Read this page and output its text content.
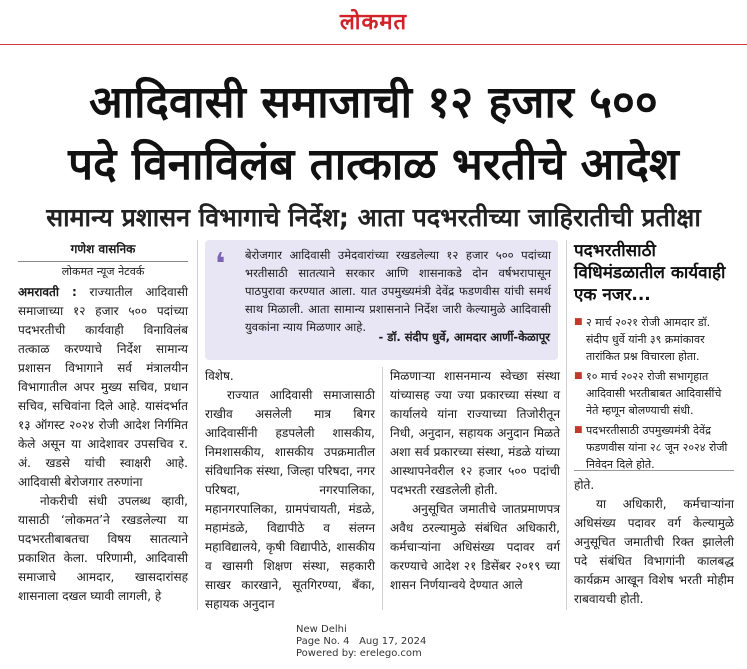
लोकमत
आदिवासी समाजाची १२ हजार ५००
पदे विनाविलंब तात्काळ भरतीचे आदेश
सामान्य प्रशासन विभागाचे निर्देश; आता पदभरतीच्या जाहिरातीची प्रतीक्षा
गणेश वासनिक
लोकमत न्यूज नेटवर्क

अमरावती : राज्यातील आदिवासी समाजाच्या १२ हजार ५०० पदांच्या पदभरतीची कार्यवाही विनाविलंब तत्काळ करण्याचे निर्देश सामान्य प्रशासन विभागाने सर्व मंत्रालयीन विभागातील अपर मुख्य सचिव, प्रधान सचिव, सचिवांना दिले आहे. यासंदर्भात १३ ऑगस्ट २०२४ रोजी आदेश निर्गमित केले असून या आदेशावर उपसचिव र. अं. खडसे यांची स्वाक्षरी आहे. आदिवासी बेरोजगार तरुणांना

नोकरीची संधी उपलब्ध व्हावी, यासाठी ‘लोकमत’ने रखडलेल्या या पदभरतीबाबतचा विषय सातत्याने प्रकाशित केला. परिणामी, आदिवासी समाजाचे आमदार, खासदारांसह शासनाला दखल घ्यावी लागली, हे

❛	बेरोजगार आदिवासी उमेदवारांच्या रखडलेल्या १२ हजार ५०० पदांच्या भरतीसाठी सातत्याने सरकार आणि शासनाकडे दोन वर्षभरापासून पाठपुरावा करण्यात आला. यात उपमुख्यमंत्री देवेंद्र फडणवीस यांची समर्थ साथ मिळाली. आता सामान्य प्रशासनाने निर्देश जारी केल्यामुळे आदिवासी युवकांना न्याय मिळणार आहे.
- डॉ. संदीप धुर्वे, आमदार आर्णी-केळापूर

विशेष.

राज्यात आदिवासी समाजासाठी राखीव असलेली मात्र बिगर आदिवासींनी हडपलेली शासकीय, निमशासकीय, शासकीय उपक्रमातील संविधानिक संस्था, जिल्हा परिषदा, नगर परिषदा, नगरपालिका, महानगरपालिका, ग्रामपंचायती, मंडळे, महामंडळे, विद्यापीठे व संलग्न महाविद्यालये, कृषी विद्यापीठे, शासकीय व खासगी शिक्षण संस्था, सहकारी साखर कारखाने, सूतगिरण्या, बँका, सहायक अनुदान

मिळणाऱ्या शासनमान्य स्वेच्छा संस्था यांच्यासह ज्या ज्या प्रकारच्या संस्था व कार्यालये यांना राज्याच्या तिजोरीतून निधी, अनुदान, सहायक अनुदान मिळते अशा सर्व प्रकारच्या संस्था, मंडळे यांच्या आस्थापनेवरील १२ हजार ५०० पदांची पदभरती रखडलेली होती.

अनुसूचित जमातीचे जातप्रमाणपत्र अवैध ठरल्यामुळे संबंधित अधिकारी, कर्मचाऱ्यांना अधिसंख्य पदावर वर्ग करण्याचे आदेश २१ डिसेंबर २०१९ च्या शासन निर्णयान्वये देण्यात आले

पदभरतीसाठी विधिमंडळातील कार्यवाही एक नजर...

■ २ मार्च २०२१ रोजी आमदार डॉ. संदीप धुर्वे यांनी ३९ क्रमांकावर तारांकित प्रश्न विचारला होता.

■ १० मार्च २०२२ रोजी सभागृहात आदिवासी भरतीबाबत आदिवासींचे नेते म्हणून बोलण्याची संधी.

■ पदभरतीसाठी उपमुख्यमंत्री देवेंद्र फडणवीस यांना २८ जून २०२४ रोजी निवेदन दिले होते.

होते.

या अधिकारी, कर्मचाऱ्यांना अधिसंख्य पदावर वर्ग केल्यामुळे अनुसूचित जमातीची रिक्त झालेली पदे संबंधित विभागांनी कालबद्ध कार्यक्रम आखून विशेष भरती मोहीम राबवायची होती.

New Delhi
Page No. 4 Aug 17, 2024
Powered by: erelego.com
